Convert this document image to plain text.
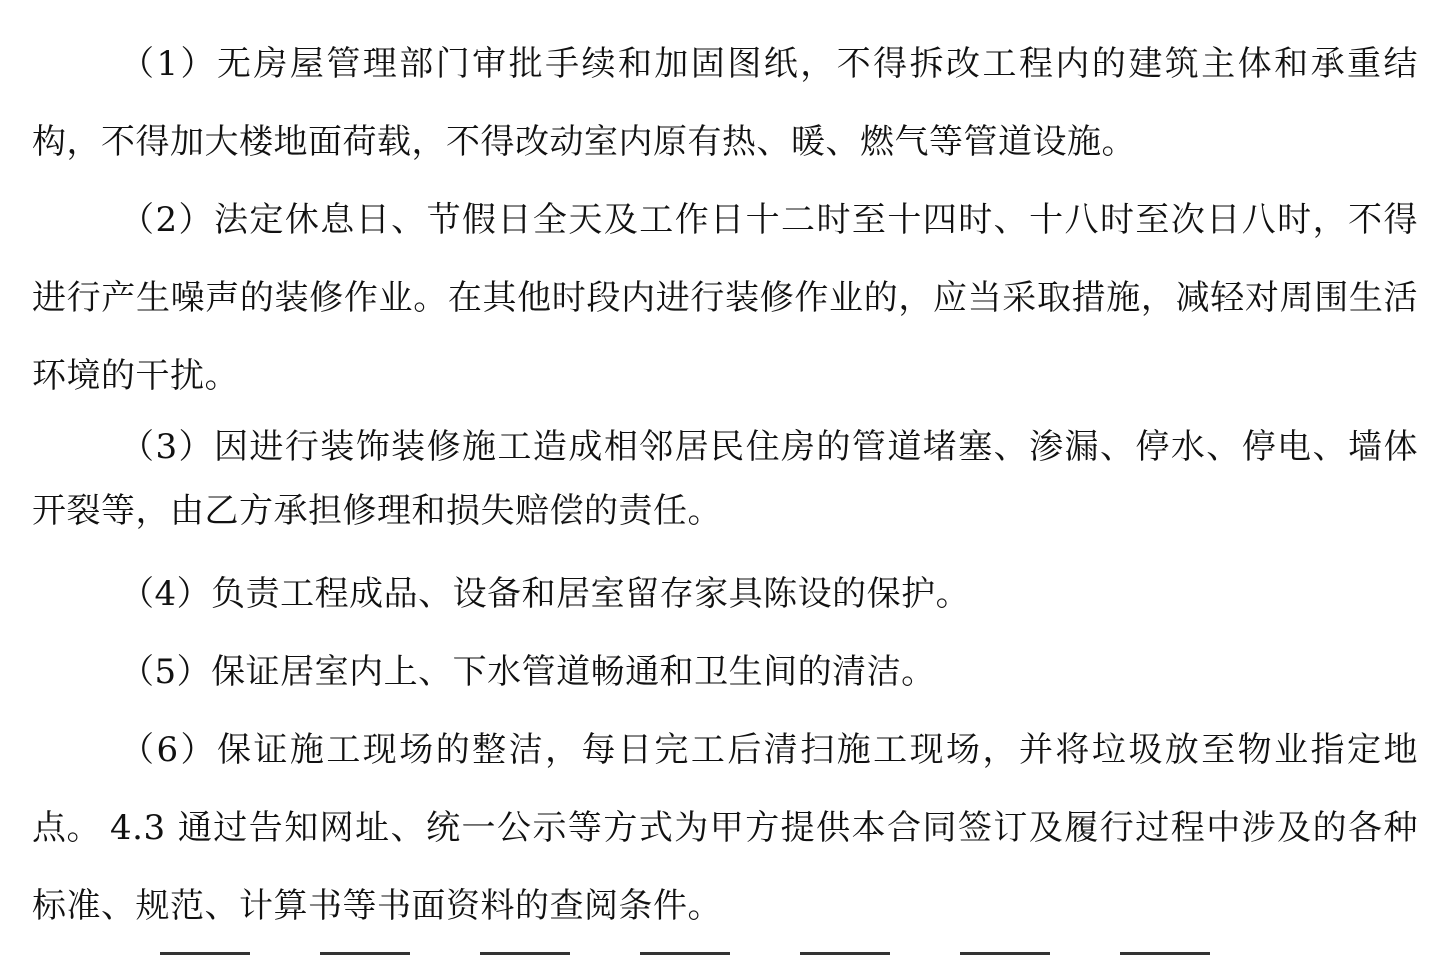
（1）无房屋管理部门审批手续和加固图纸，不得拆改工程内的建筑主体和承重结构，不得加大楼地面荷载，不得改动室内原有热、暖、燃气等管道设施。

（2）法定休息日、节假日全天及工作日十二时至十四时、十八时至次日八时，不得进行产生噪声的装修作业。在其他时段内进行装修作业的，应当采取措施，减轻对周围生活环境的干扰。

（3）因进行装饰装修施工造成相邻居民住房的管道堵塞、渗漏、停水、停电、墙体开裂等，由乙方承担修理和损失赔偿的责任。

（4）负责工程成品、设备和居室留存家具陈设的保护。

（5）保证居室内上、下水管道畅通和卫生间的清洁。

（6）保证施工现场的整洁，每日完工后清扫施工现场，并将垃圾放至物业指定地点。 4.3 通过告知网址、统一公示等方式为甲方提供本合同签订及履行过程中涉及的各种标准、规范、计算书等书面资料的查阅条件。
